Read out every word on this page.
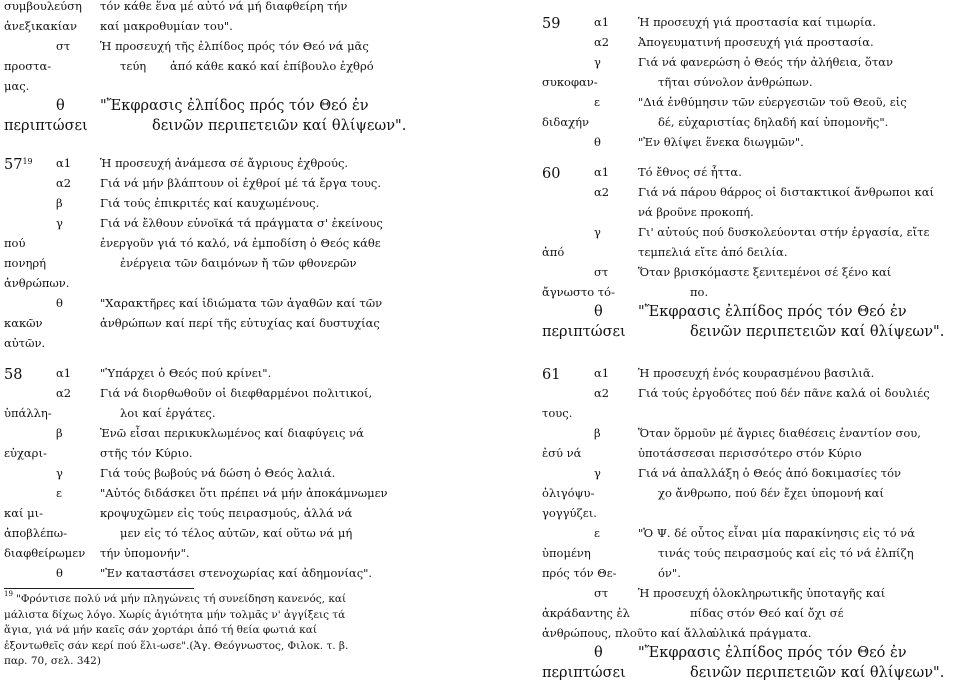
συμβουλεύση τόν κάθε ἕνα μέ αὐτό νά μή διαφθείρη τήν
ἀνεξικακίαν καί μακροθυμίαν του".
στ	Ἡ προσευχή τῆς ἐλπίδος πρός τόν Θεό νά μᾶς
προστα-	τεύη ἀπό κάθε κακό καί ἐπίβουλο ἐχθρό
μας.
θ "Ἔκφρασις ἐλπίδος πρός τόν Θεό ἐν
περιπτώσει	δεινῶν περιπετειῶν καί θλίψεων".
$57^{19}$ α1	Ἡ προσευχή ἀνάμεσα σέ ἄγριους ἐχθρούς.
α2	Γιά νά μήν βλάπτουν οἱ ἐχθροί μέ τά ἔργα τους.
β	Γιά τούς ἐπικριτές καί καυχωμένους.
γ	Γιά νά ἔλθουν εὐνοϊκά τά πράγματα σ' ἐκείνους
πού	ἐνεργοῦν γιά τό καλό, νά ἐμποδίση ὁ Θεός κάθε
πονηρή	ἐνέργεια τῶν δαιμόνων ἤ τῶν φθονερῶν
ἀνθρώπων.
θ	"Χαρακτῆρες καί ἰδιώματα τῶν ἀγαθῶν καί τῶν
κακῶν	ἀνθρώπων καί περί τῆς εὐτυχίας καί δυστυχίας
αὐτῶν.
58	α1	"Ὑπάρχει ὁ Θεός πού κρίνει".
α2	Γιά νά διορθωθοῦν οἱ διεφθαρμένοι πολιτικοί,
ὑπάλλη-	λοι καί ἐργάτες.
β	Ἐνῶ εἶσαι περικυκλωμένος καί διαφύγεις νά
εὐχαρι-	στῆς τόν Κύριο.
γ	Γιά τούς βωβούς νά δώση ὁ Θεός λαλιά.
ε	"Αὐτός διδάσκει ὅτι πρέπει νά μήν ἀποκάμνωμεν
καί μι-	κροψυχῶμεν εἰς τούς πειρασμούς, ἀλλά νά
ἀποβλέπω-	μεν εἰς τό τέλος αὐτῶν, καί οὕτω νά μή
διαφθείρωμεν τήν ὑπομονήν".
θ	"Ἐν καταστάσει στενοχωρίας καί ἀδημονίας".
59	α1	Ἡ προσευχή γιά προστασία καί τιμωρία.
α2	Ἀπογευματινή προσευχή γιά προστασία.
γ	Γιά νά φανερώση ὁ Θεός τήν ἀλήθεια, ὅταν
συκοφαν-	τῆται σύνολον ἀνθρώπων.
ε	"Διά ἐνθύμησιν τῶν εὐεργεσιῶν τοῦ Θεοῦ, εἰς
διδαχήν	δέ, εὐχαριστίας δηλαδή καί ὑπομονῆς".
θ	"Ἐν θλίψει ἕνεκα διωγμῶν".
60	α1	Τό ἔθνος σέ ἧττα.
α2	Γιά νά πάρου θάρρος οἱ διστακτικοί ἄνθρωποι καί
νά βροῦνε προκοπή.
γ	Γι' αὐτούς πού δυσκολεύονται στήν ἐργασία, εἴτε
ἀπό	τεμπελιά εἴτε ἀπό δειλία.
στ	Ὅταν βρισκόμαστε ξενιτεμένοι σέ ξένο καί
ἄγνωστο τό-	πο.
θ "Ἔκφρασις ἐλπίδος πρός τόν Θεό ἐν
περιπτώσει	δεινῶν περιπετειῶν καί θλίψεων".
61	α1	Ἡ προσευχή ἑνός κουρασμένου βασιλιᾶ.
α2	Γιά τούς ἐργοδότες πού δέν πᾶνε καλά οἱ δουλιές
τους.
β	Ὅταν ὅρμοῦν μέ ἄγριες διαθέσεις ἐναντίον σου,
ἐσύ νά	ὑποτάσσεσαι περισσότερο στόν Κύριο
γ	Γιά νά ἀπαλλάξη ὁ Θεός ἀπό δοκιμασίες τόν
ὀλιγόψυ-	χο ἄνθρωπο, πού δέν ἔχει ὑπομονή καί
γογγύζει.
ε	"Ὁ Ψ. δέ οὗτος εἶναι μία παρακίνησις εἰς τό νά
ὑπομένη	τινάς τούς πειρασμούς καί εἰς τό νά ἐλπίζη
πρός τόν Θε-	όν".
στ	Ἡ προσευχή ὁλοκληρωτικῆς ὑποταγῆς καί
ἀκράδαντης ἐλ	πίδας στόν Θεό καί ὄχι σέ
ἀνθρώπους, πλοῦτο καί ἄλλα
ὑλικά πράγματα.
θ "Ἔκφρασις ἐλπίδος πρός τόν Θεό ἐν
περιπτώσει	δεινῶν περιπετειῶν καί θλίψεων".
"Φρόντισε πολύ νά μήν πληγώνεις τή συνείδηση κανενός, καί
μάλιστα δίχως λόγο. Χωρίς ἁγιότητα μήν τολμᾶς ν' ἀγγίξεις τά
ἅγια, γιά νά μήν καεῖς σάν χορτάρι ἀπό τή θεία φωτιά καί
ἐξοντωθεῖς σάν κερί πού ἕλι-ωσε".(Ἁγ. Θεόγνωστος, Φιλοκ. τ. β.
παρ. 70, σελ. 342)
19
